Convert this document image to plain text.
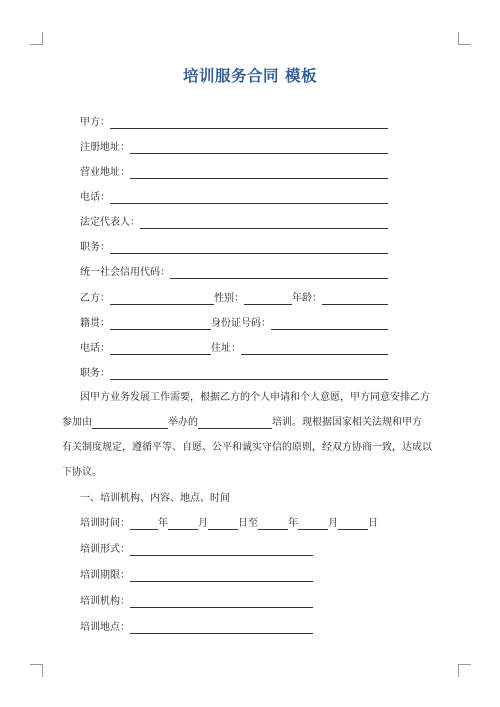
培训服务合同 模板
甲方：
注册地址：
营业地址：
电话：
法定代表人：
职务：
统一社会信用代码：
乙方：	性别：	年龄：
籍贯：	身份证号码：
电话：	住址：
职务：
因甲方业务发展工作需要，根据乙方的个人申请和个人意愿，甲方同意安排乙方
参加由	举办的	培训。现根据国家相关法规和甲方
有关制度规定，遵循平等、自愿、公平和诚实守信的原则，经双方协商一致，达成以
下协议。
一、培训机构、内容、地点、时间
培训时间：	年	月	日至	年	月	日
培训形式：
培训期限：
培训机构：
培训地点：
